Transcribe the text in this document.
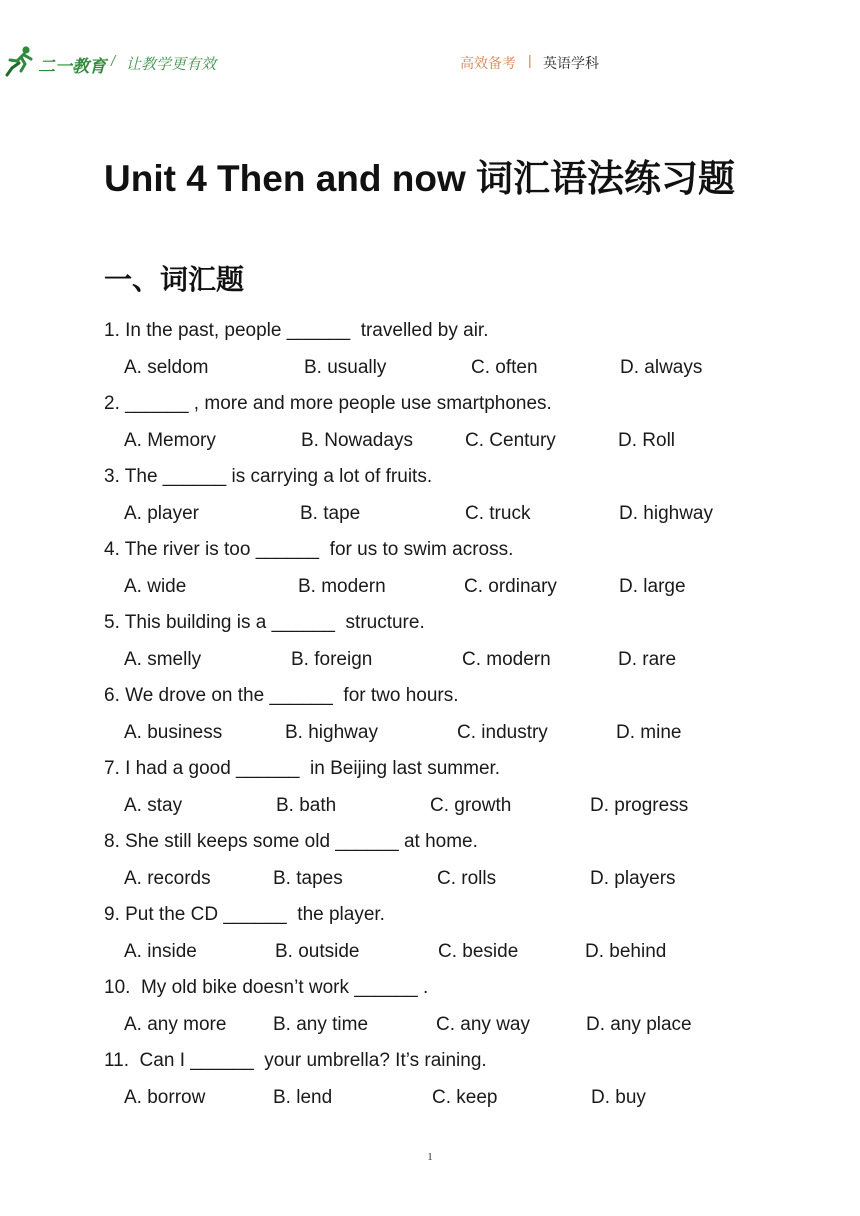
二一教育 / 让教学更有效	高效备考 | 英语学科
Unit 4 Then and now 词汇语法练习题
一、词汇题
1. In the past, people ______  travelled by air.
A. seldom	B. usually	C. often	D. always
2. ______ , more and more people use smartphones.
A. Memory	B. Nowadays	C. Century	D. Roll
3. The ______ is carrying a lot of fruits.
A. player	B. tape	C. truck	D. highway
4. The river is too ______  for us to swim across.
A. wide	B. modern	C. ordinary	D. large
5. This building is a ______  structure.
A. smelly	B. foreign	C. modern	D. rare
6. We drove on the ______  for two hours.
A. business	B. highway	C. industry	D. mine
7. I had a good ______  in Beijing last summer.
A. stay	B. bath	C. growth	D. progress
8. She still keeps some old ______ at home.
A. records	B. tapes	C. rolls	D. players
9. Put the CD ______  the player.
A. inside	B. outside	C. beside	D. behind
10.  My old bike doesn’t work ______ .
A. any more B. any time	C. any way	D. any place
11.  Can I ______  your umbrella? It’s raining.
A. borrow	B. lend	C. keep	D. buy
1
